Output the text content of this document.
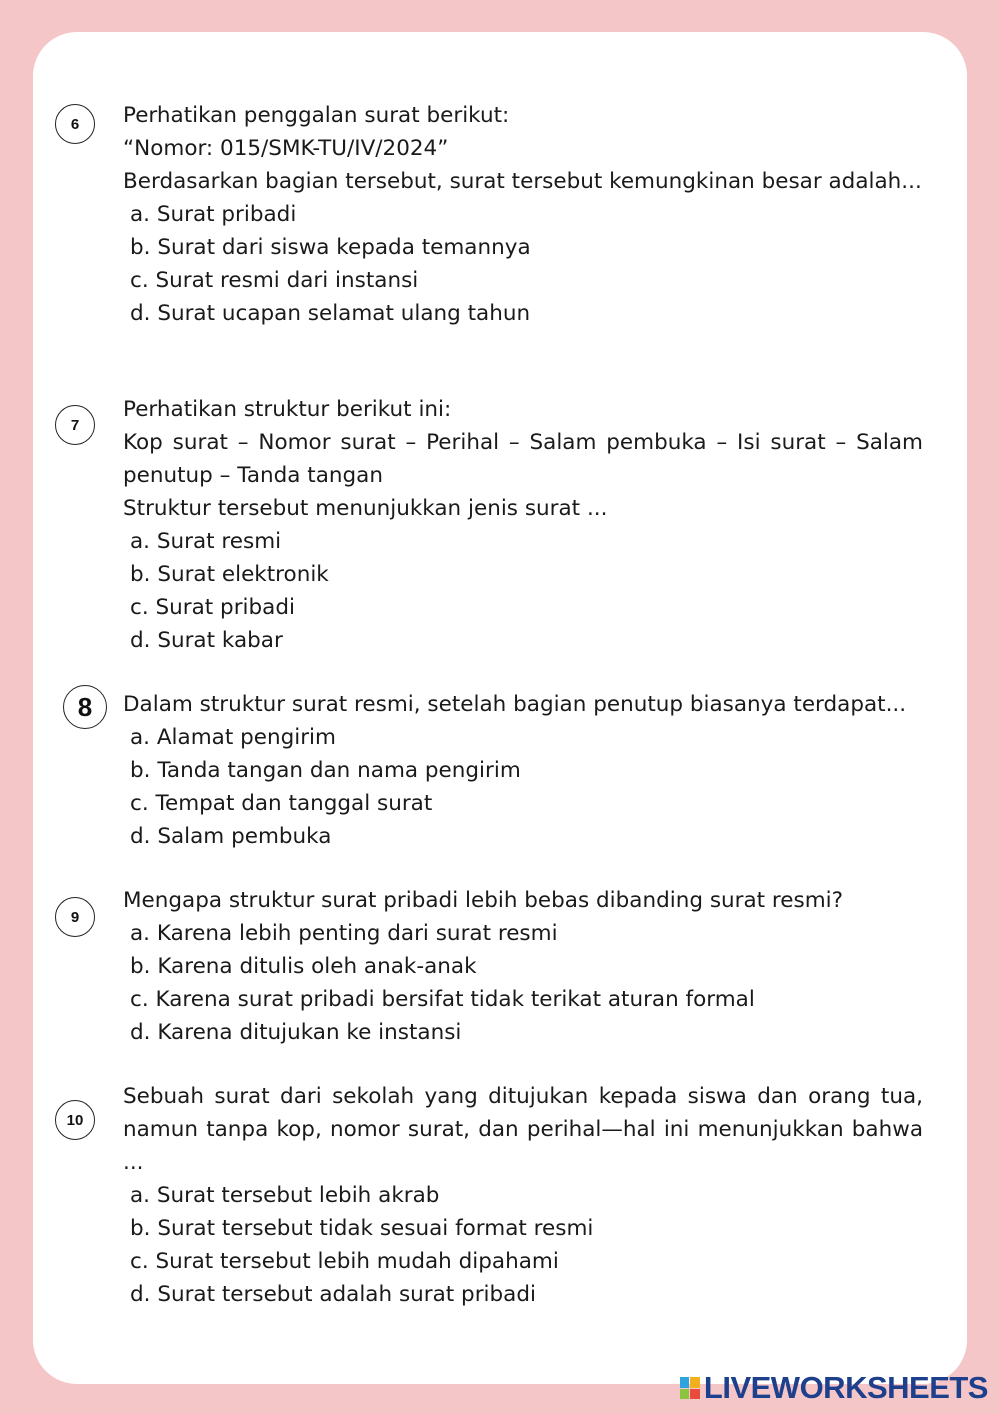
6	Perhatikan penggalan surat berikut:
“Nomor: 015/SMK-TU/IV/2024”
Berdasarkan bagian tersebut, surat tersebut kemungkinan besar adalah...
a. Surat pribadi
b. Surat dari siswa kepada temannya
c. Surat resmi dari instansi
d. Surat ucapan selamat ulang tahun
7
Perhatikan struktur berikut ini:
Kop surat – Nomor surat – Perihal – Salam pembuka – Isi surat – Salam penutup – Tanda tangan
Struktur tersebut menunjukkan jenis surat ...
a. Surat resmi
b. Surat elektronik
c. Surat pribadi
d. Surat kabar
8	Dalam struktur surat resmi, setelah bagian penutup biasanya terdapat...
a. Alamat pengirim
b. Tanda tangan dan nama pengirim
c. Tempat dan tanggal surat
d. Salam pembuka
9
Mengapa struktur surat pribadi lebih bebas dibanding surat resmi?
a. Karena lebih penting dari surat resmi
b. Karena ditulis oleh anak-anak
c. Karena surat pribadi bersifat tidak terikat aturan formal
d. Karena ditujukan ke instansi
10
Sebuah surat dari sekolah yang ditujukan kepada siswa dan orang tua, namun tanpa kop, nomor surat, dan perihal—hal ini menunjukkan bahwa ...
a. Surat tersebut lebih akrab
b. Surat tersebut tidak sesuai format resmi
c. Surat tersebut lebih mudah dipahami
d. Surat tersebut adalah surat pribadi
LIVEWORKSHEETS
